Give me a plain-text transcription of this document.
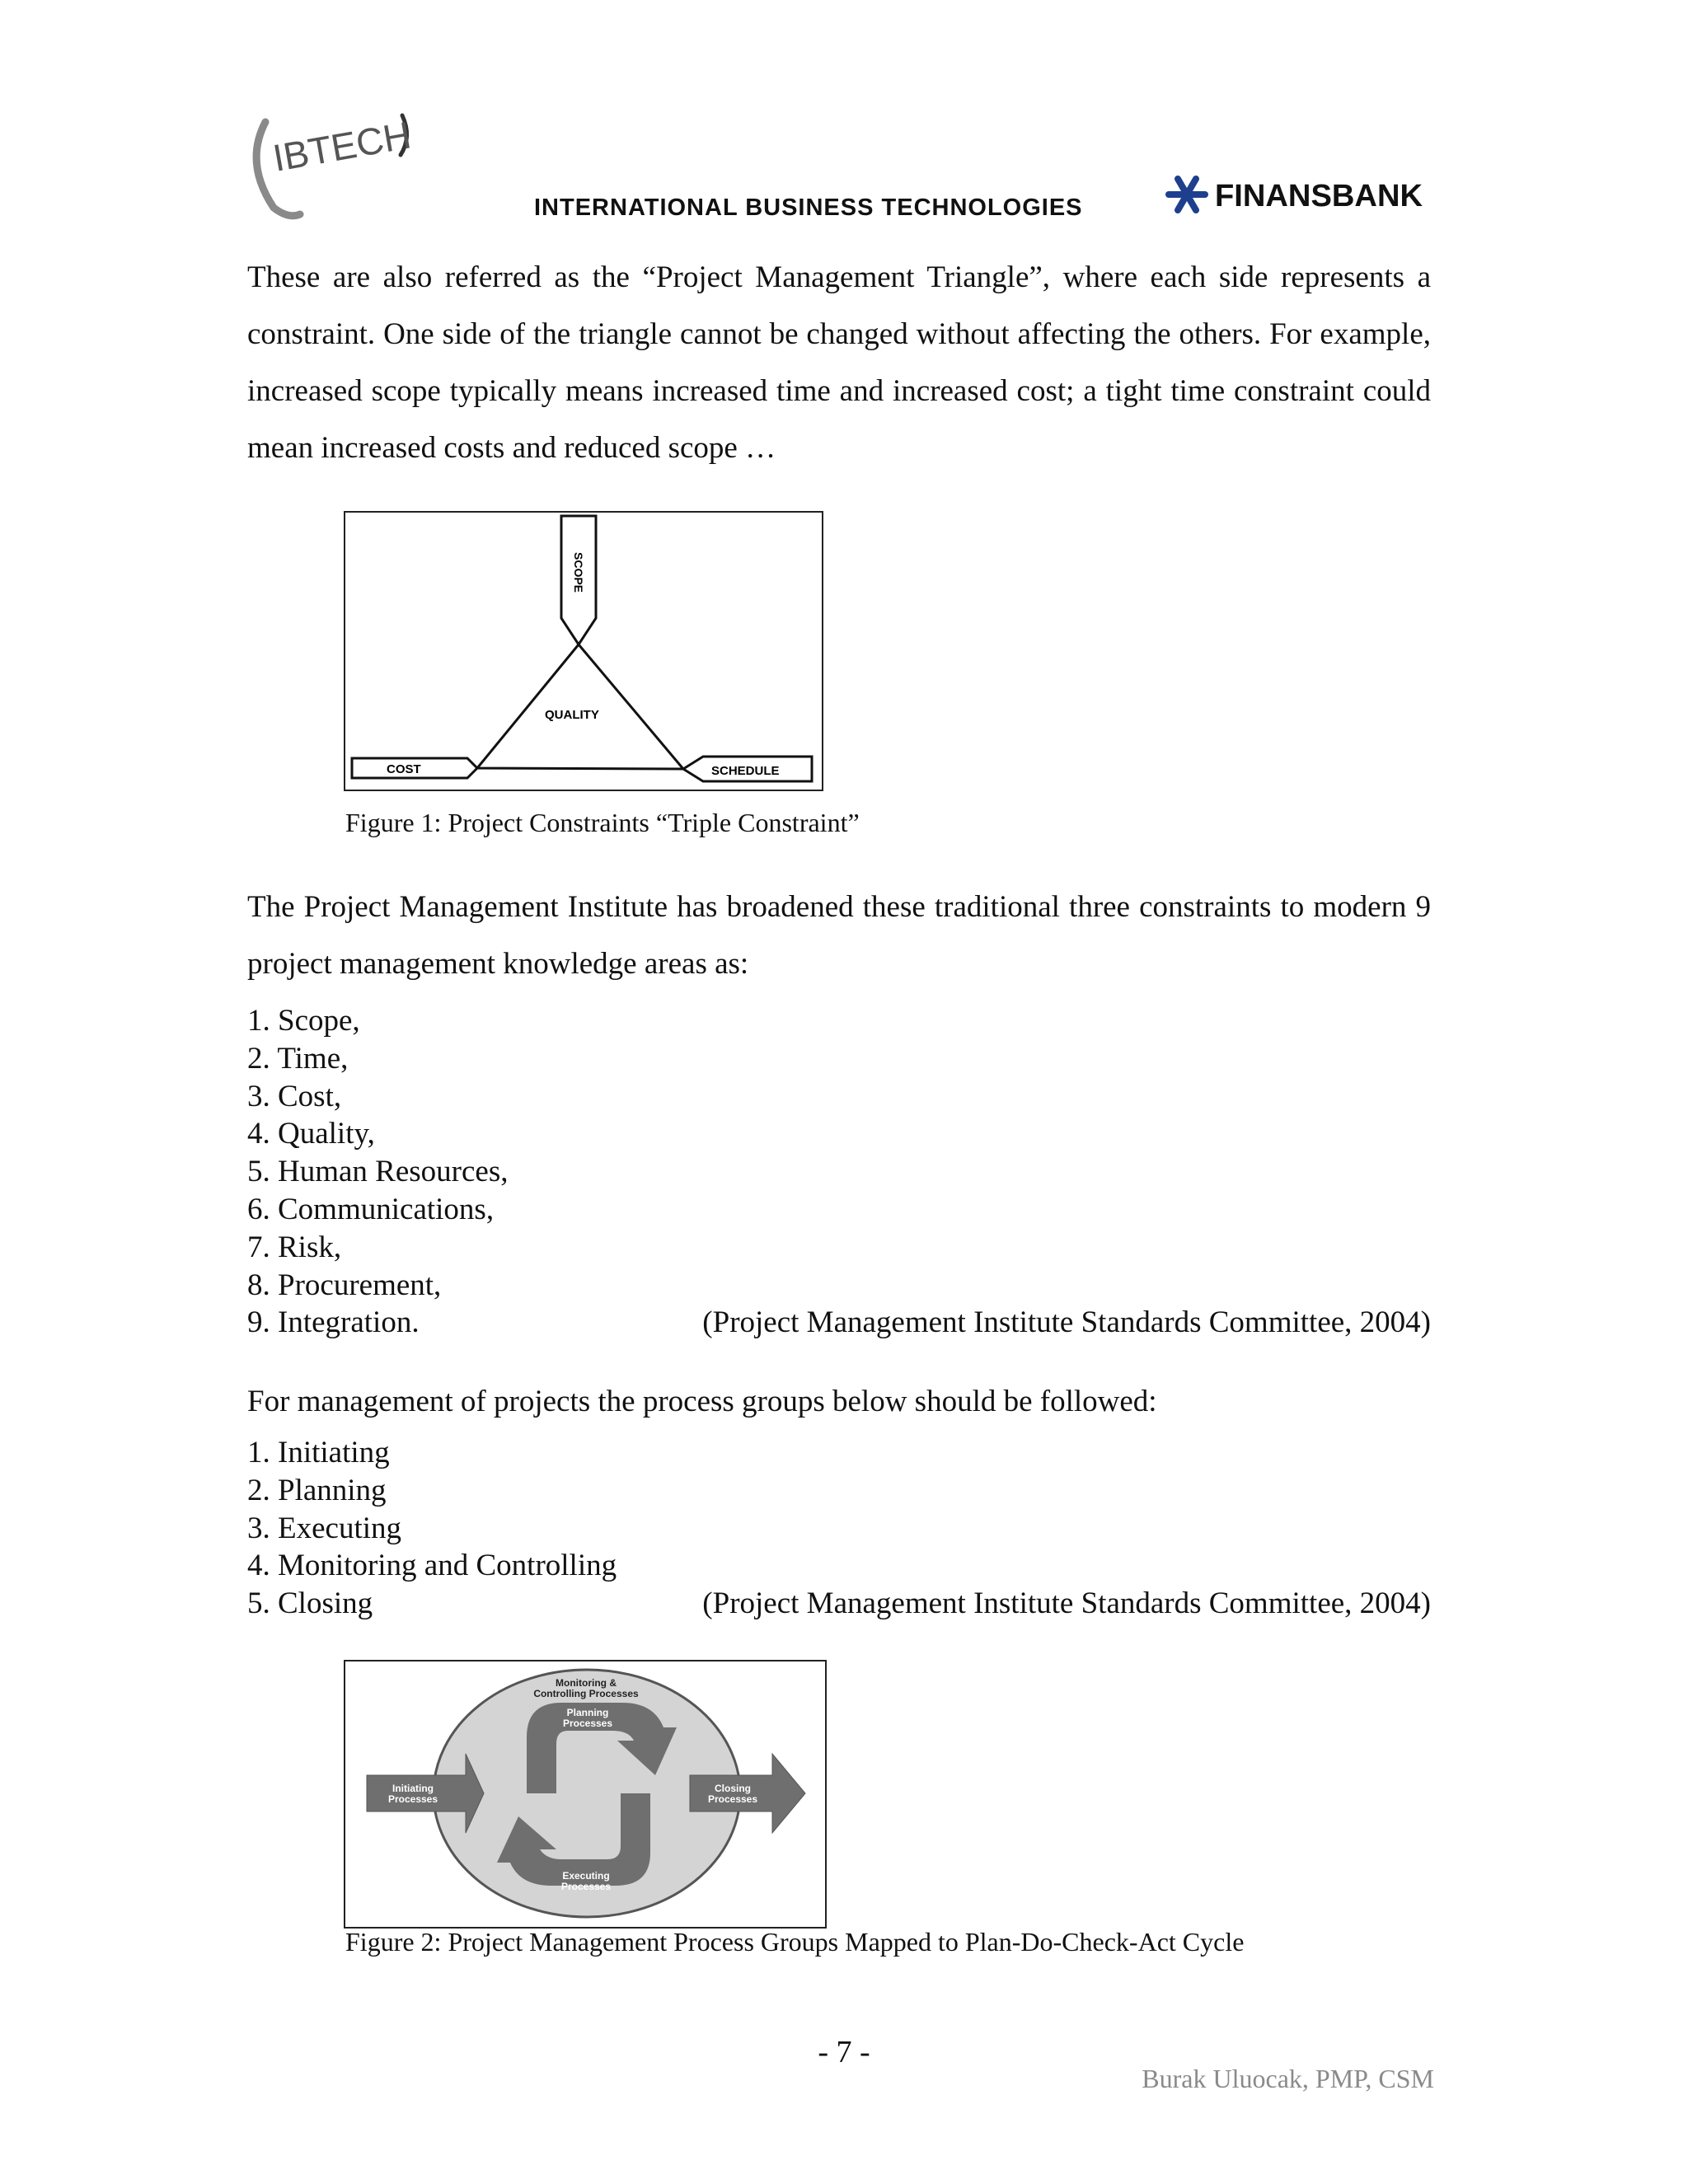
IBTECH
INTERNATIONAL BUSINESS TECHNOLOGIES	FINANSBANK
These are also referred as the “Project Management Triangle”, where each side represents a constraint. One side of the triangle cannot be changed without affecting the others. For example, increased scope typically means increased time and increased cost; a tight time constraint could mean increased costs and reduced scope …
SCOPE
QUALITY
COST	SCHEDULE
Figure 1: Project Constraints “Triple Constraint”
The Project Management Institute has broadened these traditional three constraints to modern 9 project management knowledge areas as:
1. Scope,
2. Time,
3. Cost,
4. Quality,
5. Human Resources,
6. Communications,
7. Risk,
8. Procurement,
9. Integration.	(Project Management Institute Standards Committee, 2004)
For management of projects the process groups below should be followed:
1. Initiating
2. Planning
3. Executing
4. Monitoring and Controlling
5. Closing	(Project Management Institute Standards Committee, 2004)
Monitoring &
Controlling Processes
Planning
Processes
Initiating
Processes
Closing
Processes
Executing
Processes
Figure 2: Project Management Process Groups Mapped to Plan-Do-Check-Act Cycle
- 7 -
Burak Uluocak, PMP, CSM
